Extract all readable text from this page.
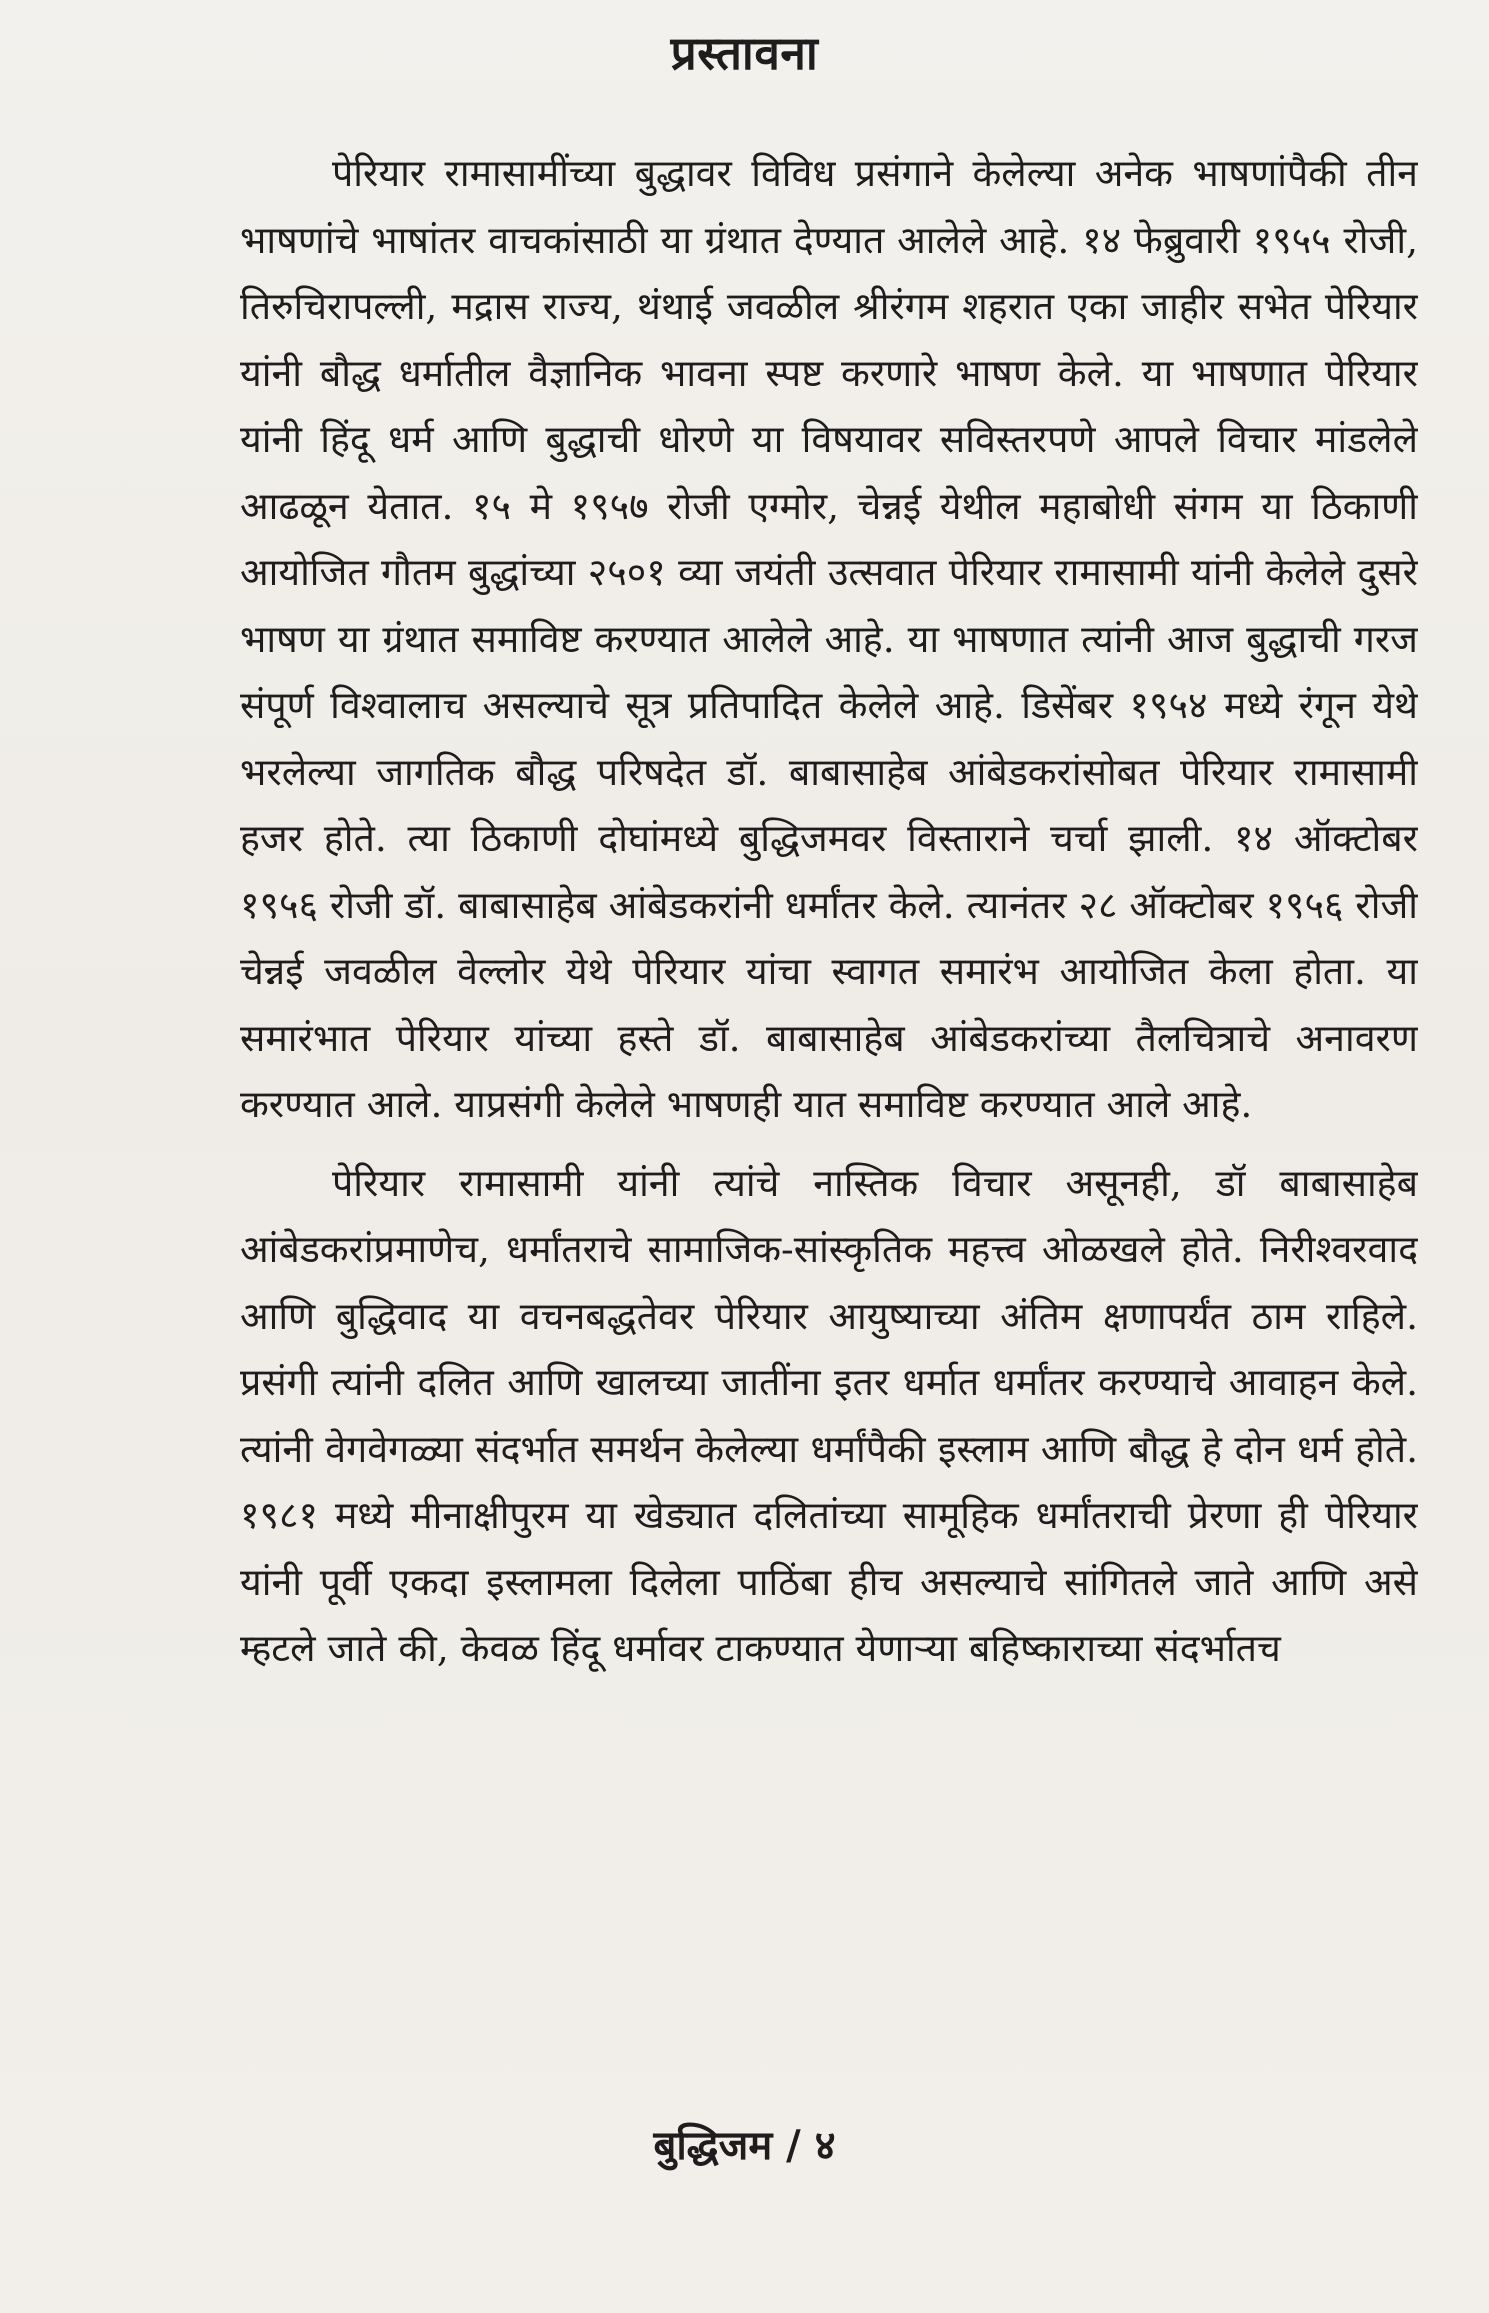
प्रस्तावना

पेरियार रामासामींच्या बुद्धावर विविध प्रसंगाने केलेल्या अनेक भाषणांपैकी तीन भाषणांचे भाषांतर वाचकांसाठी या ग्रंथात देण्यात आलेले आहे. १४ फेब्रुवारी १९५५ रोजी, तिरुचिरापल्ली, मद्रास राज्य, थंथाई जवळील श्रीरंगम शहरात एका जाहीर सभेत पेरियार यांनी बौद्ध धर्मातील वैज्ञानिक भावना स्पष्ट करणारे भाषण केले. या भाषणात पेरियार यांनी हिंदू धर्म आणि बुद्धाची धोरणे या विषयावर सविस्तरपणे आपले विचार मांडलेले आढळून येतात. १५ मे १९५७ रोजी एग्मोर, चेन्नई येथील महाबोधी संगम या ठिकाणी आयोजित गौतम बुद्धांच्या २५०१ व्या जयंती उत्सवात पेरियार रामासामी यांनी केलेले दुसरे भाषण या ग्रंथात समाविष्ट करण्यात आलेले आहे. या भाषणात त्यांनी आज बुद्धाची गरज संपूर्ण विश्वालाच असल्याचे सूत्र प्रतिपादित केलेले आहे. डिसेंबर १९५४ मध्ये रंगून येथे भरलेल्या जागतिक बौद्ध परिषदेत डॉ. बाबासाहेब आंबेडकरांसोबत पेरियार रामासामी हजर होते. त्या ठिकाणी दोघांमध्ये बुद्धिजमवर विस्ताराने चर्चा झाली. १४ ऑक्टोबर १९५६ रोजी डॉ. बाबासाहेब आंबेडकरांनी धर्मांतर केले. त्यानंतर २८ ऑक्टोबर १९५६ रोजी चेन्नई जवळील वेल्लोर येथे पेरियार यांचा स्वागत समारंभ आयोजित केला होता. या समारंभात पेरियार यांच्या हस्ते डॉ. बाबासाहेब आंबेडकरांच्या तैलचित्राचे अनावरण करण्यात आले. याप्रसंगी केलेले भाषणही यात समाविष्ट करण्यात आले आहे.

पेरियार रामासामी यांनी त्यांचे नास्तिक विचार असूनही, डॉ बाबासाहेब आंबेडकरांप्रमाणेच, धर्मांतराचे सामाजिक-सांस्कृतिक महत्त्व ओळखले होते. निरीश्वरवाद आणि बुद्धिवाद या वचनबद्धतेवर पेरियार आयुष्याच्या अंतिम क्षणापर्यंत ठाम राहिले. प्रसंगी त्यांनी दलित आणि खालच्या जातींना इतर धर्मात धर्मांतर करण्याचे आवाहन केले. त्यांनी वेगवेगळ्या संदर्भात समर्थन केलेल्या धर्मांपैकी इस्लाम आणि बौद्ध हे दोन धर्म होते. १९८१ मध्ये मीनाक्षीपुरम या खेड्यात दलितांच्या सामूहिक धर्मांतराची प्रेरणा ही पेरियार यांनी पूर्वी एकदा इस्लामला दिलेला पाठिंबा हीच असल्याचे सांगितले जाते आणि असे म्हटले जाते की, केवळ हिंदू धर्मावर टाकण्यात येणाऱ्या बहिष्काराच्या संदर्भातच

बुद्धिजम / ४
